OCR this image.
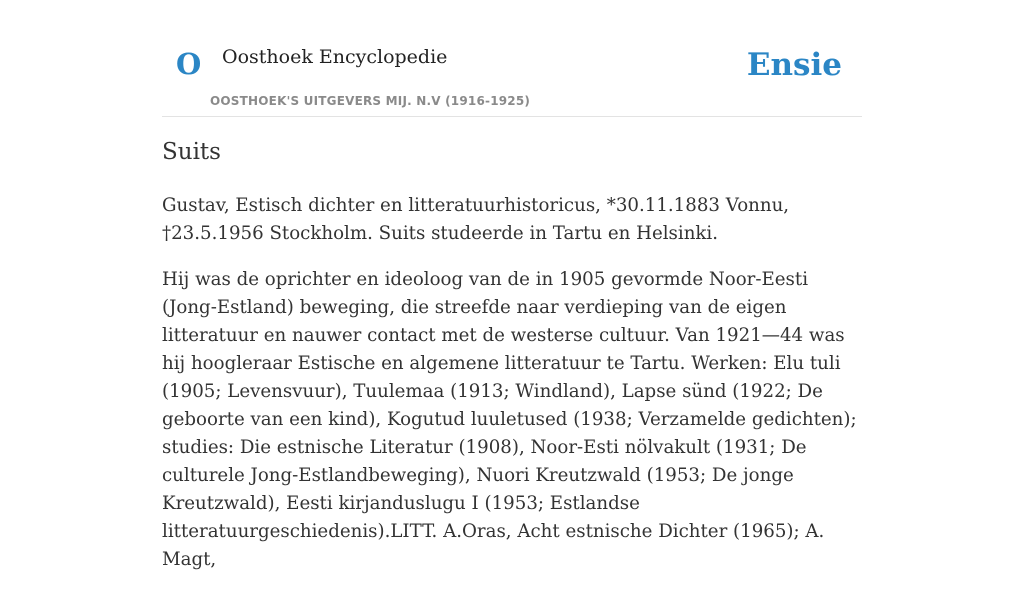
O Oosthoek Encyclopedie
OOSTHOEK'S UITGEVERS MIJ. N.V (1916-1925)
Ensie
Suits

Gustav, Estisch dichter en litteratuurhistoricus, *30.11.1883 Vonnu, †23.5.1956 Stockholm. Suits studeerde in Tartu en Helsinki.

Hij was de oprichter en ideoloog van de in 1905 gevormde Noor-Eesti (Jong-Estland) beweging, die streefde naar verdieping van de eigen litteratuur en nauwer contact met de westerse cultuur. Van 1921—44 was hij hoogleraar Estische en algemene litteratuur te Tartu. Werken: Elu tuli (1905; Levensvuur), Tuulemaa (1913; Windland), Lapse sünd (1922; De geboorte van een kind), Kogutud luuletused (1938; Verzamelde gedichten); studies: Die estnische Literatur (1908), Noor-Esti nölvakult (1931; De culturele Jong-Estlandbeweging), Nuori Kreutzwald (1953; De jonge Kreutzwald), Eesti kirjanduslugu I (1953; Estlandse litteratuurgeschiedenis).LITT. A.Oras, Acht estnische Dichter (1965); A. Magt,
